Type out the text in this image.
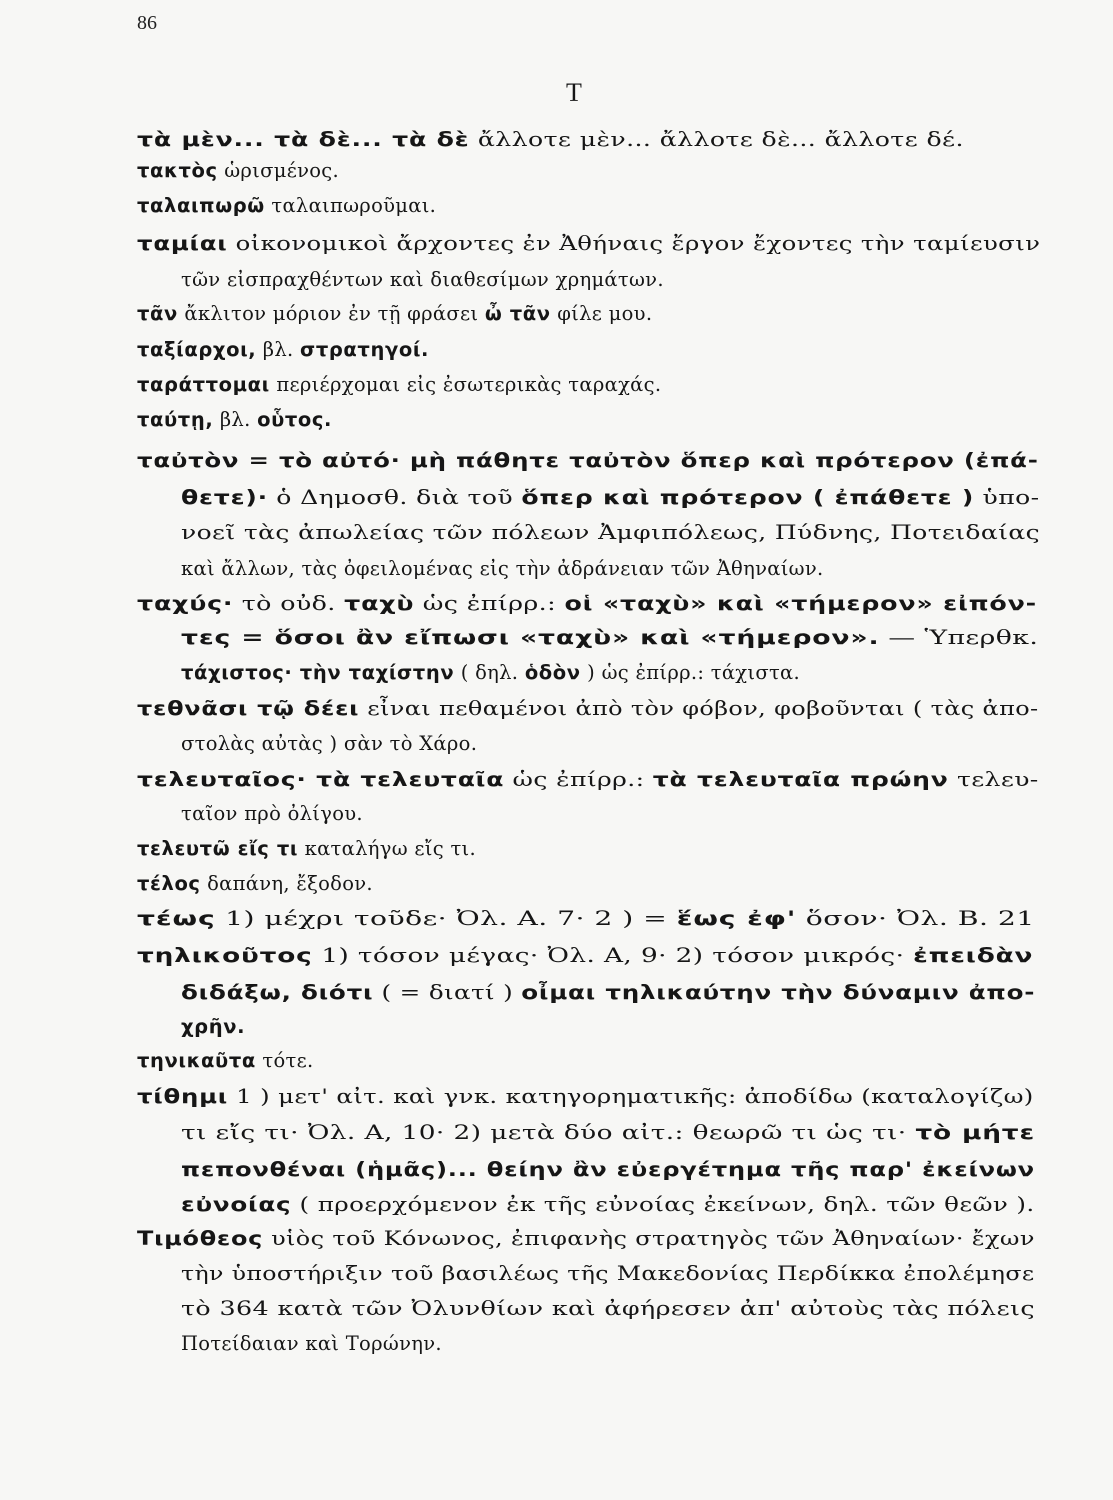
86
Τ
τὰ μὲν... τὰ δὲ... τὰ δὲ ἄλλοτε μὲν... ἄλλοτε δὲ... ἄλλοτε δέ.
τακτὸς ὡρισμένος.
ταλαιπωρῶ ταλαιπωροῦμαι.
ταμίαι οἰκονομικοὶ ἄρχοντες ἐν Ἀθήναις ἔργον ἔχοντες τὴν ταμίευσιν
τῶν εἰσπραχθέντων καὶ διαθεσίμων χρημάτων.
τᾶν ἄκλιτον μόριον ἐν τῇ φράσει ὦ τᾶν φίλε μου.
ταξίαρχοι, βλ. στρατηγοί.
ταράττομαι περιέρχομαι εἰς ἐσωτερικὰς ταραχάς.
ταύτῃ, βλ. οὗτος.
ταὐτὸν = τὸ αὐτό· μὴ πάθητε ταὐτὸν ὅπερ καὶ πρότερον (ἐπά-
θετε)· ὁ Δημοσθ. διὰ τοῦ ὅπερ καὶ πρότερον ( ἐπάθετε ) ὑπο-
νοεῖ τὰς ἀπωλείας τῶν πόλεων Ἀμφιπόλεως, Πύδνης, Ποτειδαίας
καὶ ἄλλων, τὰς ὀφειλομένας εἰς τὴν ἀδράνειαν τῶν Ἀθηναίων.
ταχύς· τὸ οὐδ. ταχὺ ὡς ἐπίρρ.: οἱ «ταχὺ» καὶ «τήμερον» εἰπόν-
τες = ὅσοι ἂν εἴπωσι «ταχὺ» καὶ «τήμερον». — Ὑπερθκ.
τάχιστος· τὴν ταχίστην ( δηλ. ὁδὸν ) ὡς ἐπίρρ.: τάχιστα.
τεθνᾶσι τῷ δέει εἶναι πεθαμένοι ἀπὸ τὸν φόβον, φοβοῦνται ( τὰς ἀπο-
στολὰς αὐτὰς ) σὰν τὸ Χάρο.
τελευταῖος· τὰ τελευταῖα ὡς ἐπίρρ.: τὰ τελευταῖα πρώην τελευ-
ταῖον πρὸ ὀλίγου.
τελευτῶ εἴς τι καταλήγω εἴς τι.
τέλος δαπάνη, ἔξοδον.
τέως 1) μέχρι τοῦδε· Ὀλ. Α. 7· 2 ) = ἕως ἐφ' ὅσον· Ὀλ. Β. 21
τηλικοῦτος 1) τόσον μέγας· Ὀλ. Α, 9· 2) τόσον μικρός· ἐπειδὰν
διδάξω, διότι ( = διατί ) οἶμαι τηλικαύτην τὴν δύναμιν ἀπο-
χρῆν.
τηνικαῦτα τότε.
τίθημι 1 ) μετ' αἰτ. καὶ γνκ. κατηγορηματικῆς: ἀποδίδω (καταλογίζω)
τι εἴς τι· Ὀλ. Α, 10· 2) μετὰ δύο αἰτ.: θεωρῶ τι ὡς τι· τὸ μήτε
πεπονθέναι (ἡμᾶς)... θείην ἂν εὐεργέτημα τῆς παρ' ἐκείνων
εὐνοίας ( προερχόμενον ἐκ τῆς εὐνοίας ἐκείνων, δηλ. τῶν θεῶν ).
Τιμόθεος υἱὸς τοῦ Κόνωνος, ἐπιφανὴς στρατηγὸς τῶν Ἀθηναίων· ἔχων
τὴν ὑποστήριξιν τοῦ βασιλέως τῆς Μακεδονίας Περδίκκα ἐπολέμησε
τὸ 364 κατὰ τῶν Ὀλυνθίων καὶ ἀφήρεσεν ἀπ' αὐτοὺς τὰς πόλεις
Ποτείδαιαν καὶ Τορώνην.
